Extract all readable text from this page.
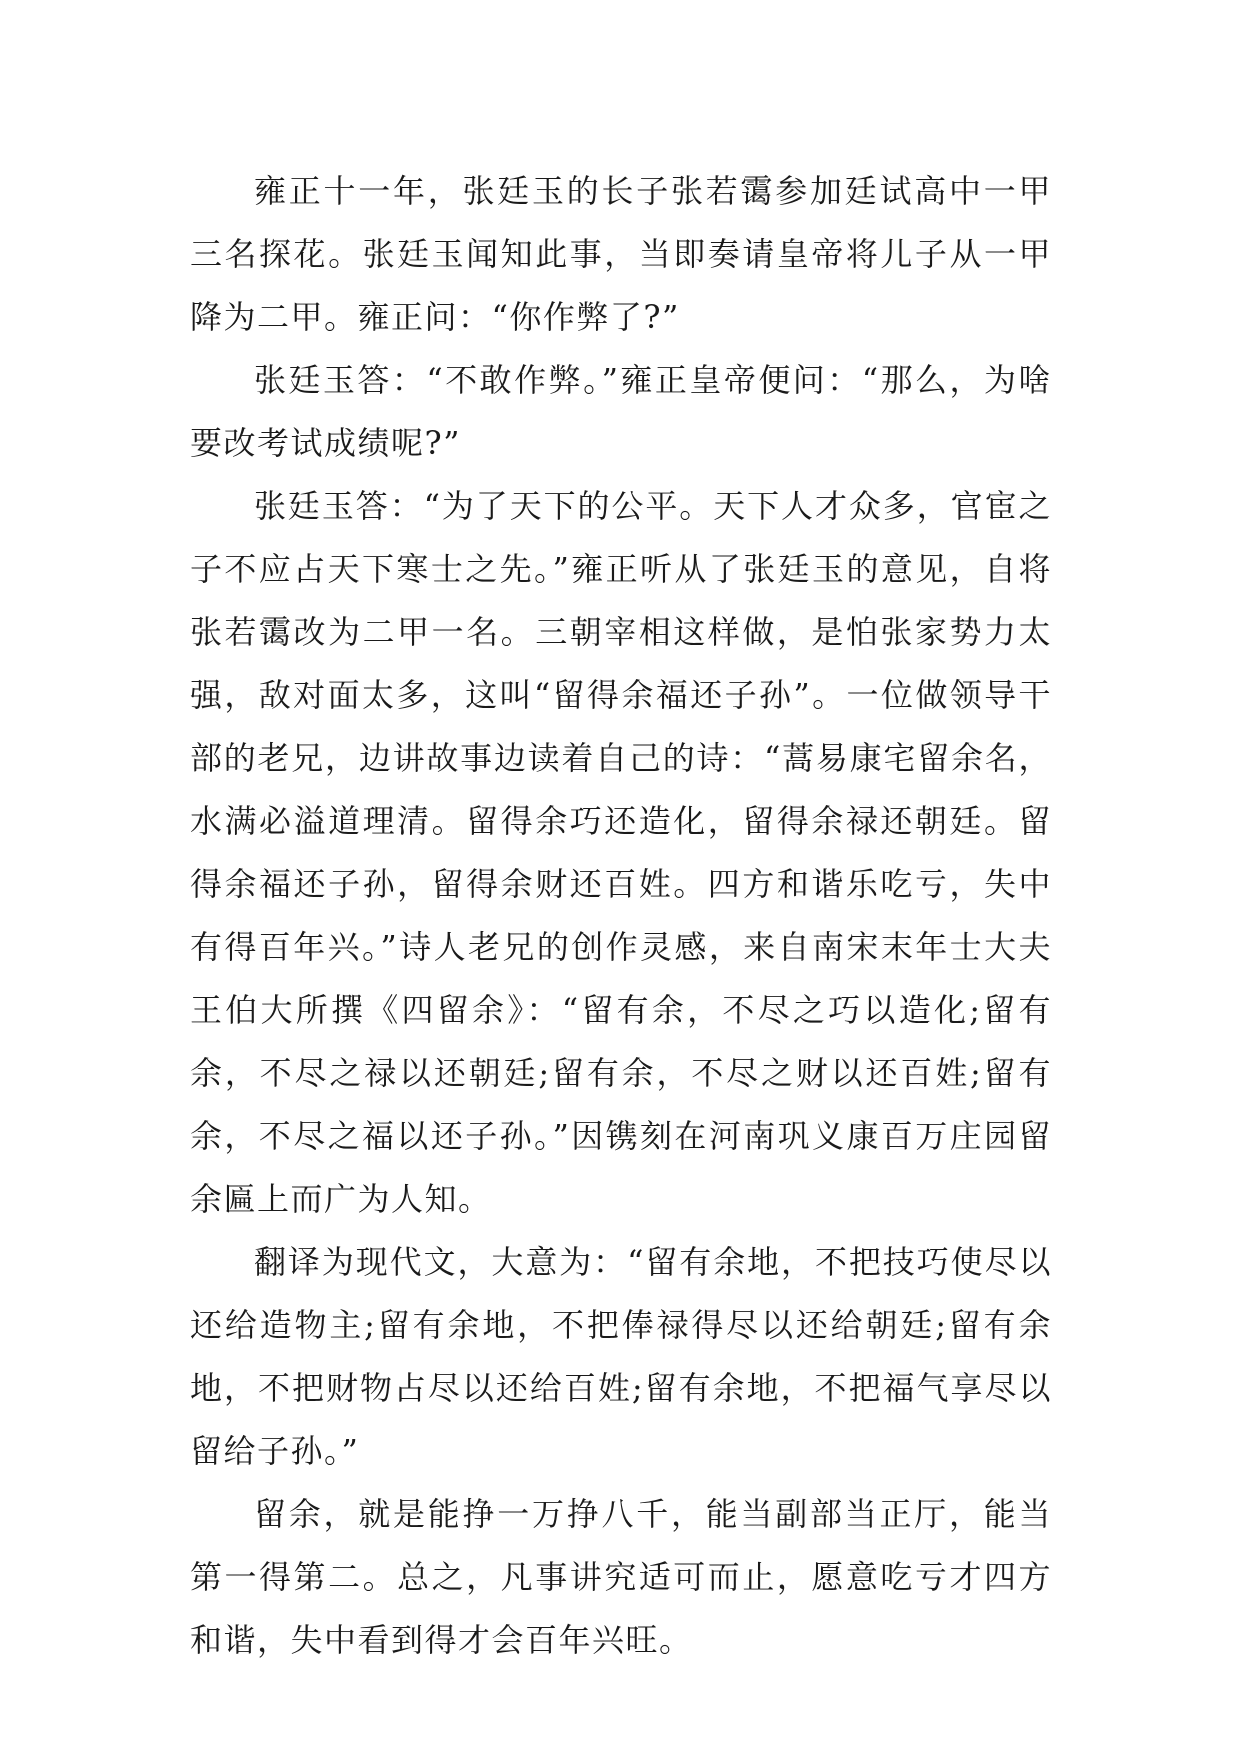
雍正十一年，张廷玉的长子张若霭参加廷试高中一甲三名探花。张廷玉闻知此事，当即奏请皇帝将儿子从一甲降为二甲。雍正问：“你作弊了?”

张廷玉答：“不敢作弊。”雍正皇帝便问：“那么，为啥要改考试成绩呢?”

张廷玉答：“为了天下的公平。天下人才众多，官宦之子不应占天下寒士之先。”雍正听从了张廷玉的意见，自将张若霭改为二甲一名。三朝宰相这样做，是怕张家势力太强，敌对面太多，这叫“留得余福还子孙”。一位做领导干部的老兄，边讲故事边读着自己的诗：“蒿易康宅留余名，水满必溢道理清。留得余巧还造化，留得余禄还朝廷。留得余福还子孙，留得余财还百姓。四方和谐乐吃亏，失中有得百年兴。”诗人老兄的创作灵感，来自南宋末年士大夫王伯大所撰《四留余》：“留有余，不尽之巧以造化;留有余，不尽之禄以还朝廷;留有余，不尽之财以还百姓;留有余，不尽之福以还子孙。”因镌刻在河南巩义康百万庄园留余匾上而广为人知。

翻译为现代文，大意为：“留有余地，不把技巧使尽以还给造物主;留有余地，不把俸禄得尽以还给朝廷;留有余地，不把财物占尽以还给百姓;留有余地，不把福气享尽以留给子孙。”

留余，就是能挣一万挣八千，能当副部当正厅，能当第一得第二。总之，凡事讲究适可而止，愿意吃亏才四方和谐，失中看到得才会百年兴旺。
